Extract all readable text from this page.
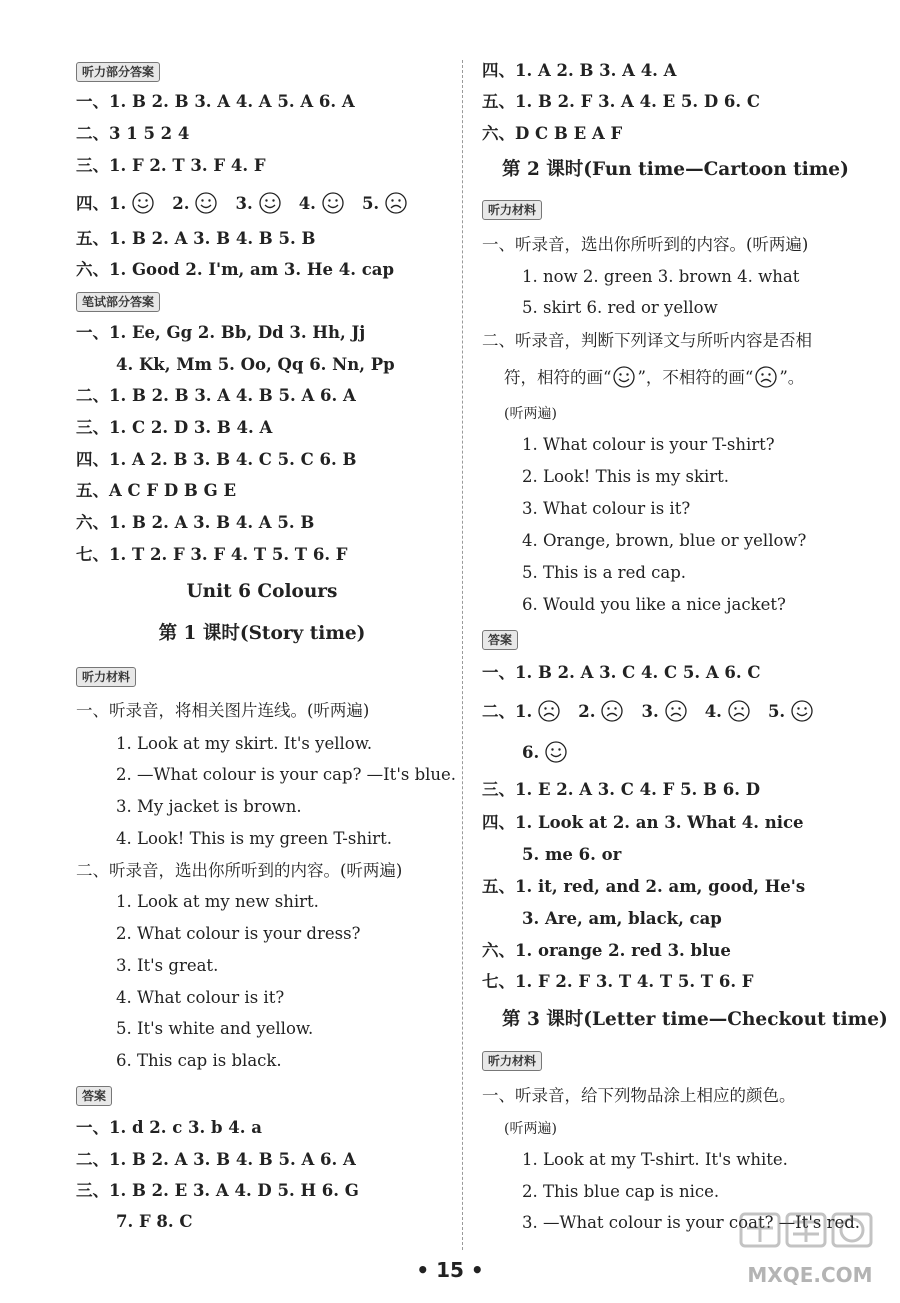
听力部分答案
一、1. B 2. B 3. A 4. A 5. A 6. A
二、3 1 5 2 4
三、1. F 2. T 3. F 4. F
四、1.	2.	3.	4.	5.
五、1. B 2. A 3. B 4. B 5. B
六、1. Good 2. I'm, am 3. He 4. cap
笔试部分答案
一、1. Ee, Gg 2. Bb, Dd 3. Hh, Jj
4. Kk, Mm 5. Oo, Qq 6. Nn, Pp
二、1. B 2. B 3. A 4. B 5. A 6. A
三、1. C 2. D 3. B 4. A
四、1. A 2. B 3. B 4. C 5. C 6. B
五、A C F D B G E
六、1. B 2. A 3. B 4. A 5. B
七、1. T 2. F 3. F 4. T 5. T 6. F
Unit 6 Colours
第 1 课时(Story time)
听力材料
一、听录音，将相关图片连线。(听两遍)
1. Look at my skirt. It's yellow.
2. —What colour is your cap? —It's blue.
3. My jacket is brown.
4. Look! This is my green T-shirt.
二、听录音，选出你所听到的内容。(听两遍)
1. Look at my new shirt.
2. What colour is your dress?
3. It's great.
4. What colour is it?
5. It's white and yellow.
6. This cap is black.
答案
一、1. d 2. c 3. b 4. a
二、1. B 2. A 3. B 4. B 5. A 6. A
三、1. B 2. E 3. A 4. D 5. H 6. G
7. F 8. C
四、1. A 2. B 3. A 4. A
五、1. B 2. F 3. A 4. E 5. D 6. C
六、D C B E A F
第 2 课时(Fun time—Cartoon time)
听力材料
一、听录音，选出你所听到的内容。(听两遍)
1. now 2. green 3. brown 4. what
5. skirt 6. red or yellow
二、听录音，判断下列译文与所听内容是否相
符，相符的画“ ”，不相符的画“ ”。
(听两遍)
1. What colour is your T-shirt?
2. Look! This is my skirt.
3. What colour is it?
4. Orange, brown, blue or yellow?
5. This is a red cap.
6. Would you like a nice jacket?
答案
一、1. B 2. A 3. C 4. C 5. A 6. C
二、1.	2.	3.	4.	5.
6.
三、1. E 2. A 3. C 4. F 5. B 6. D
四、1. Look at 2. an 3. What 4. nice
5. me 6. or
五、1. it, red, and 2. am, good, He's
3. Are, am, black, cap
六、1. orange 2. red 3. blue
七、1. F 2. F 3. T 4. T 5. T 6. F
第 3 课时(Letter time—Checkout time)
听力材料
一、听录音，给下列物品涂上相应的颜色。
(听两遍)
1. Look at my T-shirt. It's white.
2. This blue cap is nice.
3. —What colour is your coat? —It's red.
• 15 •	MXQE.COM
